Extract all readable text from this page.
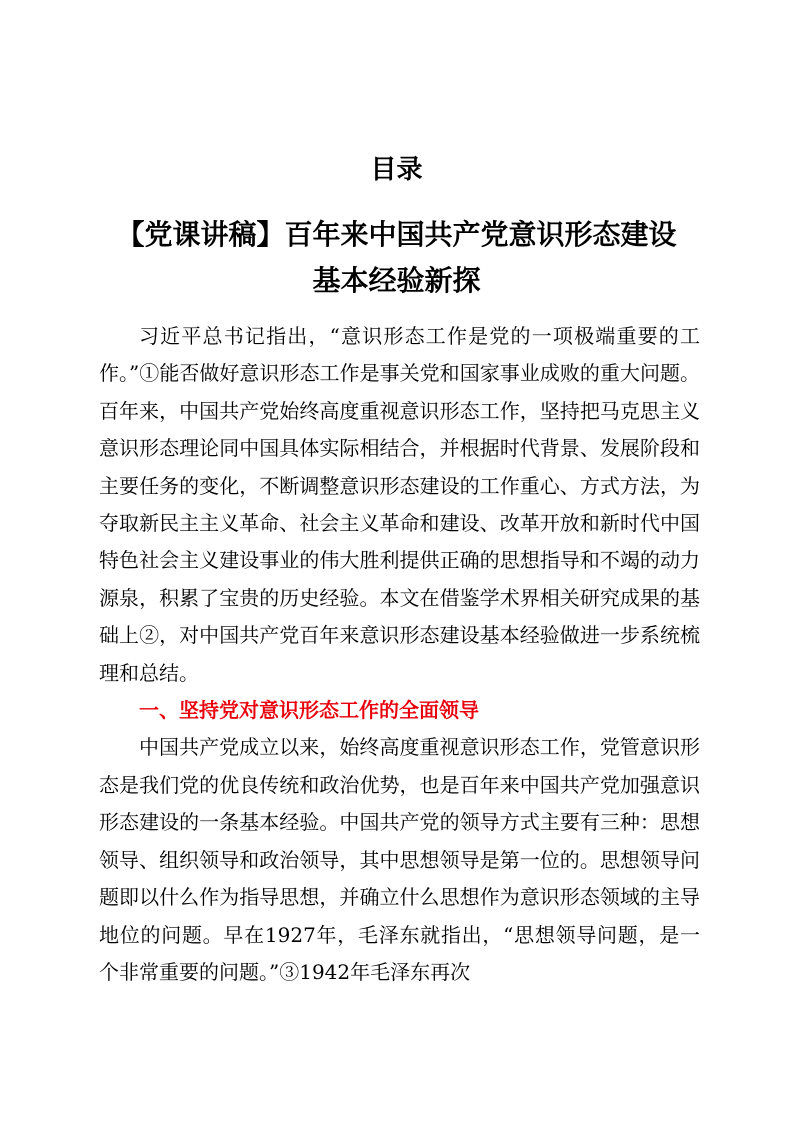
目录
【党课讲稿】百年来中国共产党意识形态建设
基本经验新探

习近平总书记指出，“意识形态工作是党的一项极端重要的工作。”①能否做好意识形态工作是事关党和国家事业成败的重大问题。百年来，中国共产党始终高度重视意识形态工作，坚持把马克思主义意识形态理论同中国具体实际相结合，并根据时代背景、发展阶段和主要任务的变化，不断调整意识形态建设的工作重心、方式方法，为夺取新民主主义革命、社会主义革命和建设、改革开放和新时代中国特色社会主义建设事业的伟大胜利提供正确的思想指导和不竭的动力源泉，积累了宝贵的历史经验。本文在借鉴学术界相关研究成果的基础上②，对中国共产党百年来意识形态建设基本经验做进一步系统梳理和总结。

一、坚持党对意识形态工作的全面领导

中国共产党成立以来，始终高度重视意识形态工作，党管意识形态是我们党的优良传统和政治优势，也是百年来中国共产党加强意识形态建设的一条基本经验。中国共产党的领导方式主要有三种：思想领导、组织领导和政治领导，其中思想领导是第一位的。思想领导问题即以什么作为指导思想，并确立什么思想作为意识形态领域的主导地位的问题。早在1927年，毛泽东就指出，“思想领导问题，是一个非常重要的问题。”③1942年毛泽东再次
